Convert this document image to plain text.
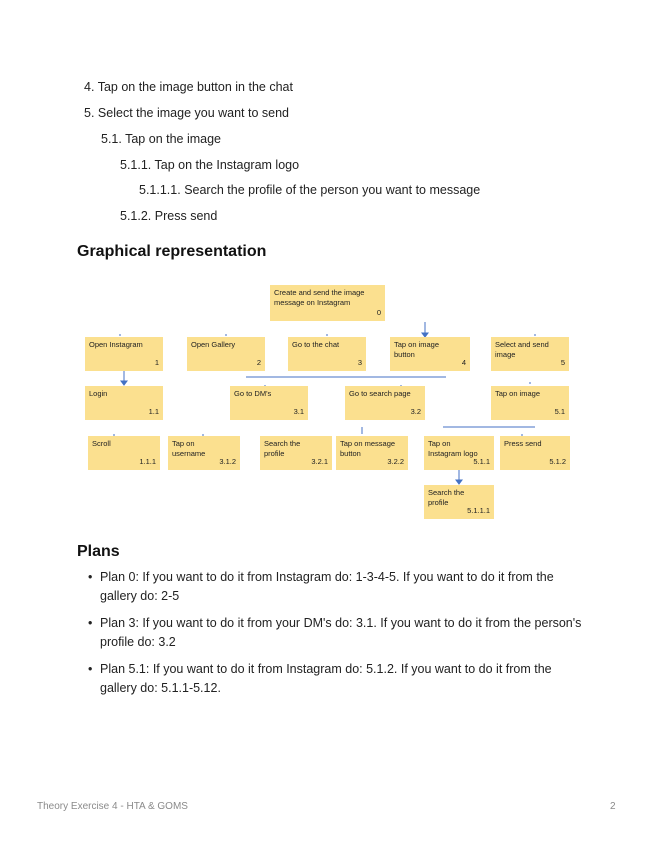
4. Tap on the image button in the chat
5. Select the image you want to send
5.1. Tap on the image
5.1.1. Tap on the Instagram logo
5.1.1.1. Search the profile of the person you want to message
5.1.2. Press send
Graphical representation
Create and send the image
message on Instagram
0
Open Instagram
1
Open Gallery
2
Go to the chat
3
Tap on image
button
4
Select and send
image
5
Login
1.1
Go to DM's
3.1
Go to search page
3.2
Tap on image
5.1
Scroll
1.1.1
Tap on
username
3.1.2
Search the
profile
3.2.1
Tap on message
button
3.2.2
Tap on
Instagram logo
5.1.1
Press send
5.1.2
Search the
profile
5.1.1.1
Plans
• Plan 0: If you want to do it from Instagram do: 1-3-4-5. If you want to do it from the gallery do: 2-5
• Plan 3: If you want to do it from your DM's do: 3.1. If you want to do it from the person's profile do: 3.2
• Plan 5.1: If you want to do it from Instagram do: 5.1.2. If you want to do it from the gallery do: 5.1.1-5.12.
Theory Exercise 4 - HTA & GOMS	2
